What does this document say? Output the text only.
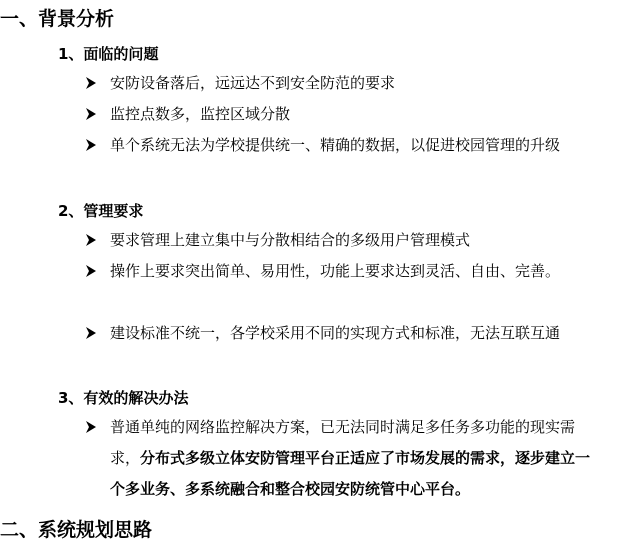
一、背景分析
1、面临的问题
安防设备落后，远远达不到安全防范的要求
监控点数多，监控区域分散
单个系统无法为学校提供统一、精确的数据，以促进校园管理的升级
2、管理要求
要求管理上建立集中与分散相结合的多级用户管理模式
操作上要求突出简单、易用性，功能上要求达到灵活、自由、完善。
建设标准不统一，各学校采用不同的实现方式和标准，无法互联互通
3、有效的解决办法
普通单纯的网络监控解决方案，已无法同时满足多任务多功能的现实需求，分布式多级立体安防管理平台正适应了市场发展的需求，逐步建立一个多业务、多系统融合和整合校园安防统管中心平台。
二、系统规划思路
